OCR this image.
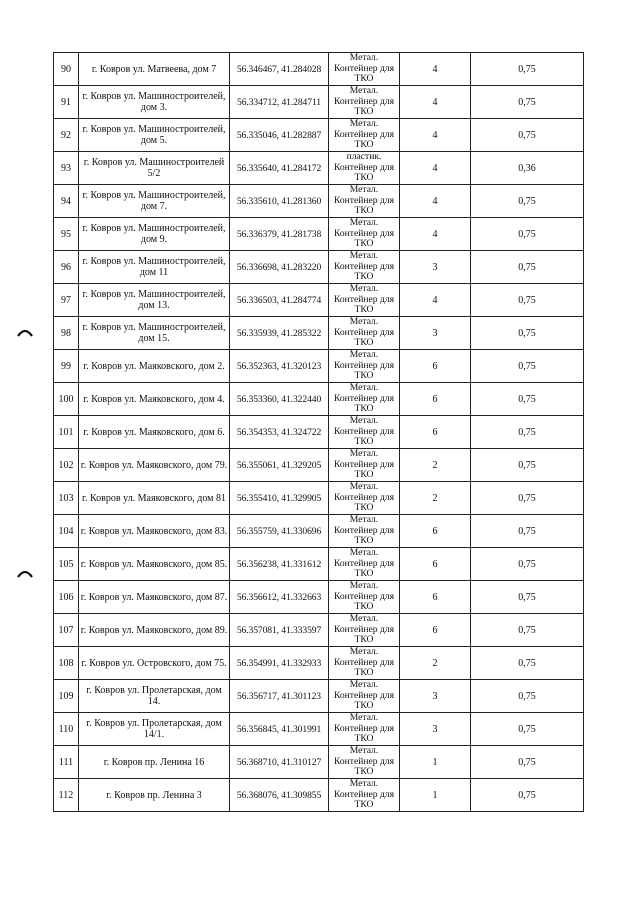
90	г. Ковров ул. Матвеева, дом 7	56.346467, 41.284028	Метал.
Контейнер для
ТКО	4	0,75
91	г. Ковров ул. Машиностроителей, дом 3.	56.334712, 41.284711	Метал.
Контейнер для
ТКО	4	0,75
92	г. Ковров ул. Машиностроителей, дом 5.	56.335046, 41.282887	Метал.
Контейнер для
ТКО	4	0,75
93	г. Ковров ул. Машиностроителей 5/2	56.335640, 41.284172	пластик.
Контейнер для
ТКО	4	0,36
94	г. Ковров ул. Машиностроителей, дом 7.	56.335610, 41.281360	Метал.
Контейнер для
ТКО	4	0,75
95	г. Ковров ул. Машиностроителей, дом 9.	56.336379, 41.281738	Метал.
Контейнер для
ТКО	4	0,75
96	г. Ковров ул. Машиностроителей, дом 11	56.336698, 41.283220	Метал.
Контейнер для
ТКО	3	0,75
97	г. Ковров ул. Машиностроителей, дом 13.	56.336503, 41.284774	Метал.
Контейнер для
ТКО	4	0,75
98	г. Ковров ул. Машиностроителей, дом 15.	56.335939, 41.285322	Метал.
Контейнер для
ТКО	3	0,75
99	г. Ковров ул. Маяковского, дом 2.	56.352363, 41.320123	Метал.
Контейнер для
ТКО	6	0,75
100	г. Ковров ул. Маяковского, дом 4.	56.353360, 41.322440	Метал.
Контейнер для
ТКО	6	0,75
101	г. Ковров ул. Маяковского, дом 6.	56.354353, 41.324722	Метал.
Контейнер для
ТКО	6	0,75
102	г. Ковров ул. Маяковского, дом 79.	56.355061, 41.329205	Метал.
Контейнер для
ТКО	2	0,75
103	г. Ковров ул. Маяковского, дом 81	56.355410, 41.329905	Метал.
Контейнер для
ТКО	2	0,75
104	г. Ковров ул. Маяковского, дом 83.	56.355759, 41.330696	Метал.
Контейнер для
ТКО	6	0,75
105	г. Ковров ул. Маяковского, дом 85.	56.356238, 41.331612	Метал.
Контейнер для
ТКО	6	0,75
106	г. Ковров ул. Маяковского, дом 87.	56.356612, 41.332663	Метал.
Контейнер для
ТКО	6	0,75
107	г. Ковров ул. Маяковского, дом 89.	56.357081, 41.333597	Метал.
Контейнер для
ТКО	6	0,75
108	г. Ковров ул. Островского, дом 75.	56.354991, 41.332933	Метал.
Контейнер для
ТКО	2	0,75
109	г. Ковров ул. Пролетарская, дом 14.	56.356717, 41.301123	Метал.
Контейнер для
ТКО	3	0,75
110	г. Ковров ул. Пролетарская, дом 14/1.	56.356845, 41.301991	Метал.
Контейнер для
ТКО	3	0,75
111	г. Ковров пр. Ленина 16	56.368710, 41.310127	Метал.
Контейнер для
ТКО	1	0,75
112	г. Ковров пр. Ленина 3	56.368076, 41.309855	Метал.
Контейнер для
ТКО	1	0,75
